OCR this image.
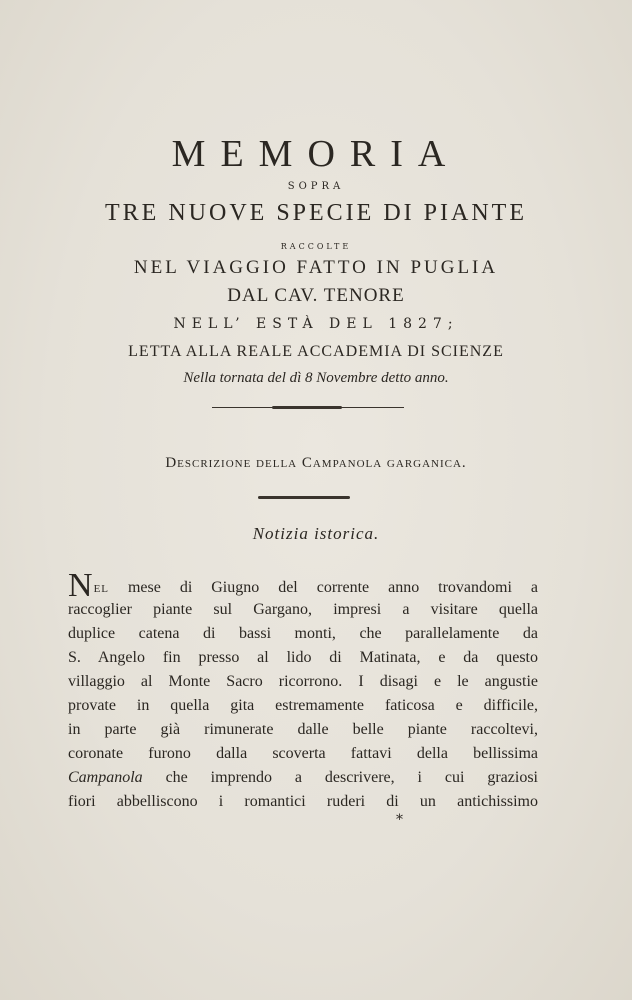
MEMORIA
SOPRA
TRE NUOVE SPECIE DI PIANTE
RACCOLTE
NEL VIAGGIO FATTO IN PUGLIA
DAL CAV. TENORE
NELL’ ESTÀ DEL 1827;
LETTA ALLA REALE ACCADEMIA DI SCIENZE
Nella tornata del dì 8 Novembre detto anno.
Descrizione della Campanola garganica.
Notizia istorica.
Nel mese di Giugno del corrente anno trovandomi a
raccoglier piante sul Gargano, impresi a visitare quella
duplice catena di bassi monti, che parallelamente da
S. Angelo fin presso al lido di Matinata, e da questo
villaggio al Monte Sacro ricorrono. I disagi e le angustie
provate in quella gita estremamente faticosa e difficile,
in parte già rimunerate dalle belle piante raccoltevi,
coronate furono dalla scoverta fattavi della bellissima
Campanola che imprendo a descrivere, i cui graziosi
fiori abbelliscono i romantici ruderi di un antichissimo
*
